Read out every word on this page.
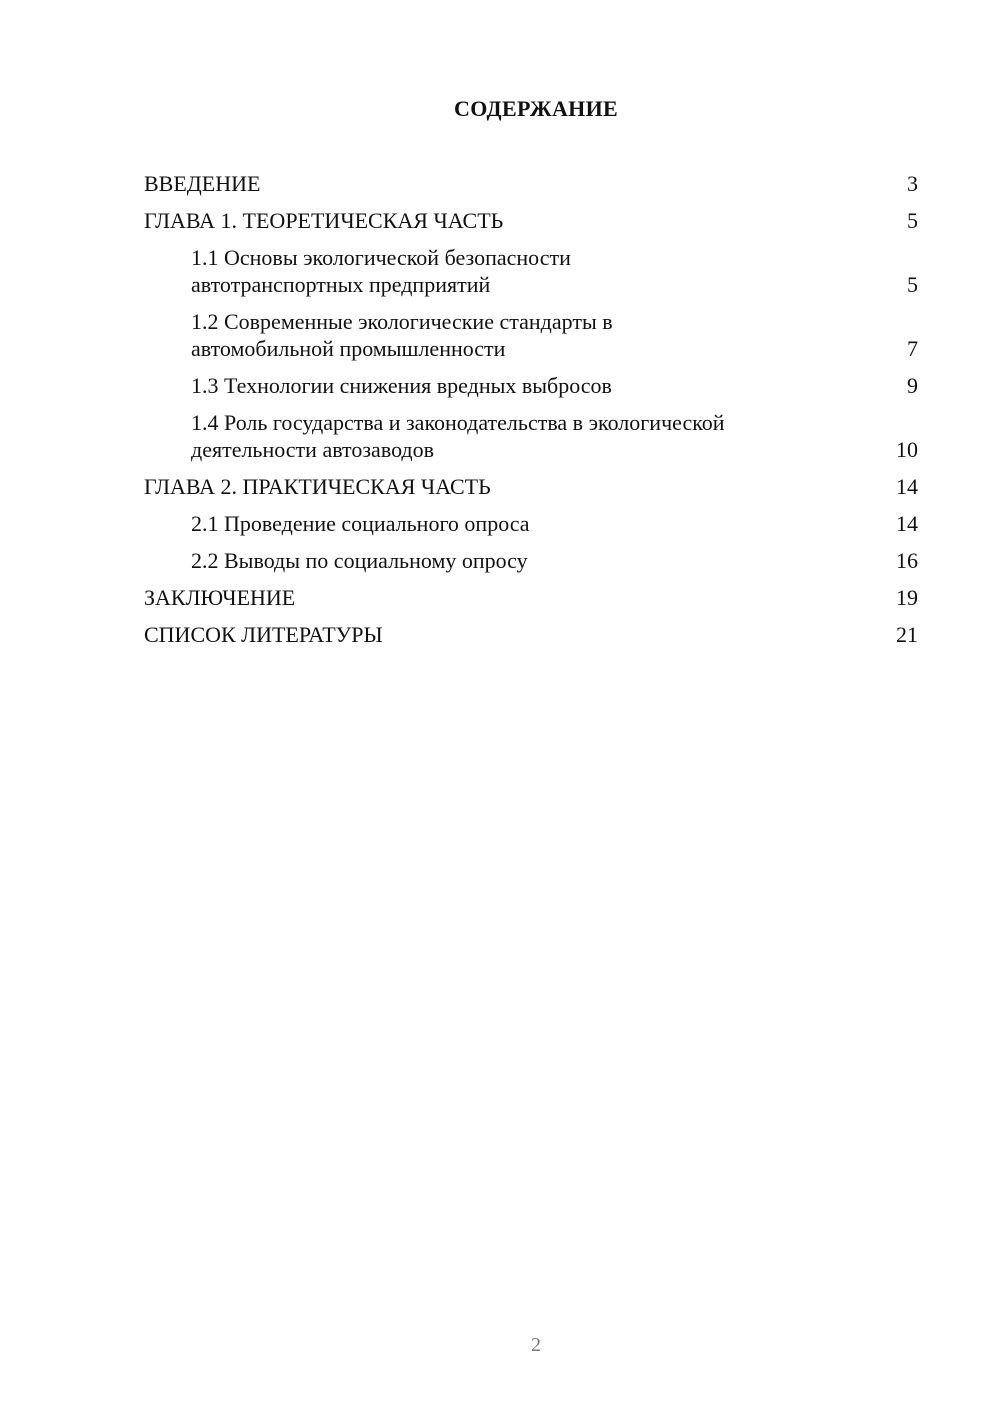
СОДЕРЖАНИЕ
ВВЕДЕНИЕ	3
ГЛАВА 1. ТЕОРЕТИЧЕСКАЯ ЧАСТЬ	5
1.1 Основы экологической безопасности автотранспортных предприятий	5
1.2 Современные экологические стандарты в автомобильной промышленности	7
1.3 Технологии снижения вредных выбросов	9
1.4 Роль государства и законодательства в экологической деятельности автозаводов	10
ГЛАВА 2. ПРАКТИЧЕСКАЯ ЧАСТЬ	14
2.1 Проведение социального опроса	14
2.2 Выводы по социальному опросу	16
ЗАКЛЮЧЕНИЕ	19
СПИСОК ЛИТЕРАТУРЫ	21
2
